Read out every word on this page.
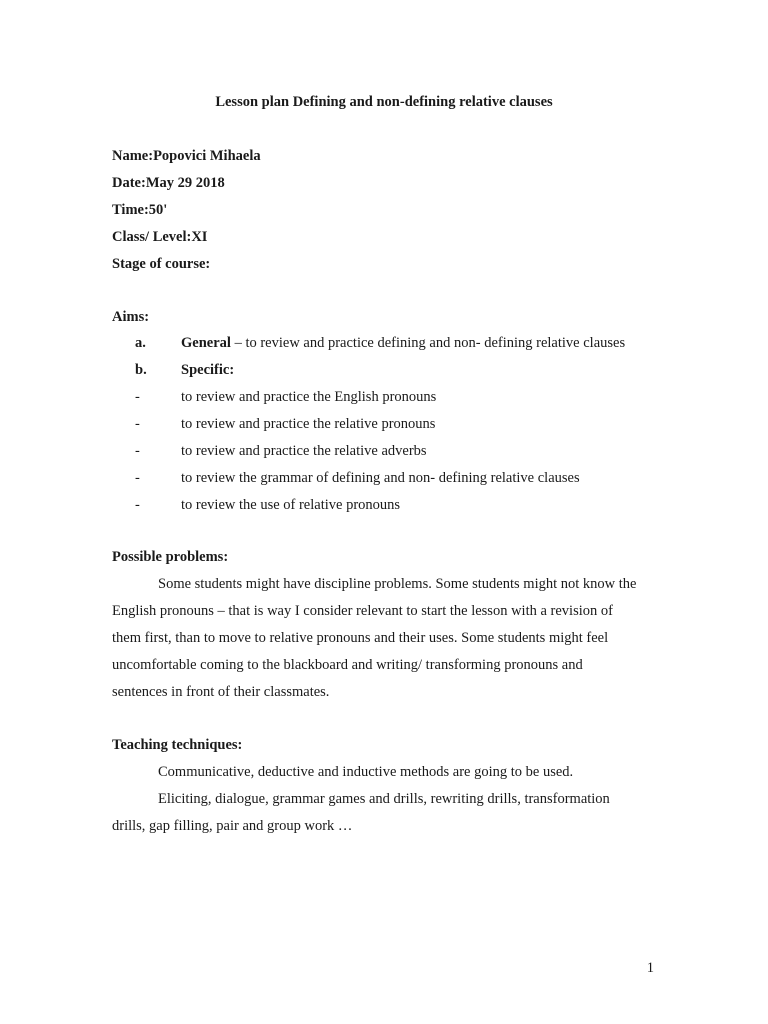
Lesson plan Defining and non-defining relative clauses
Name:Popovici Mihaela
Date:May 29 2018
Time:50'
Class/ Level:XI
Stage of course:
Aims:
a. General – to review and practice defining and non- defining relative clauses
b. Specific:
-	to review and practice the English pronouns
-	to review and practice the relative pronouns
-	to review and practice the relative adverbs
-	to review the grammar of defining and non- defining relative clauses
-	to review the use of relative pronouns
Possible problems:
Some students might have discipline problems. Some students might not know the
English pronouns – that is way I consider relevant to start the lesson with a revision of
them first, than to move to relative pronouns and their uses. Some students might feel
uncomfortable coming to the blackboard and writing/ transforming pronouns and
sentences in front of their classmates.
Teaching techniques:
Communicative, deductive and inductive methods are going to be used.
Eliciting, dialogue, grammar games and drills, rewriting drills, transformation
drills, gap filling, pair and group work …
1
